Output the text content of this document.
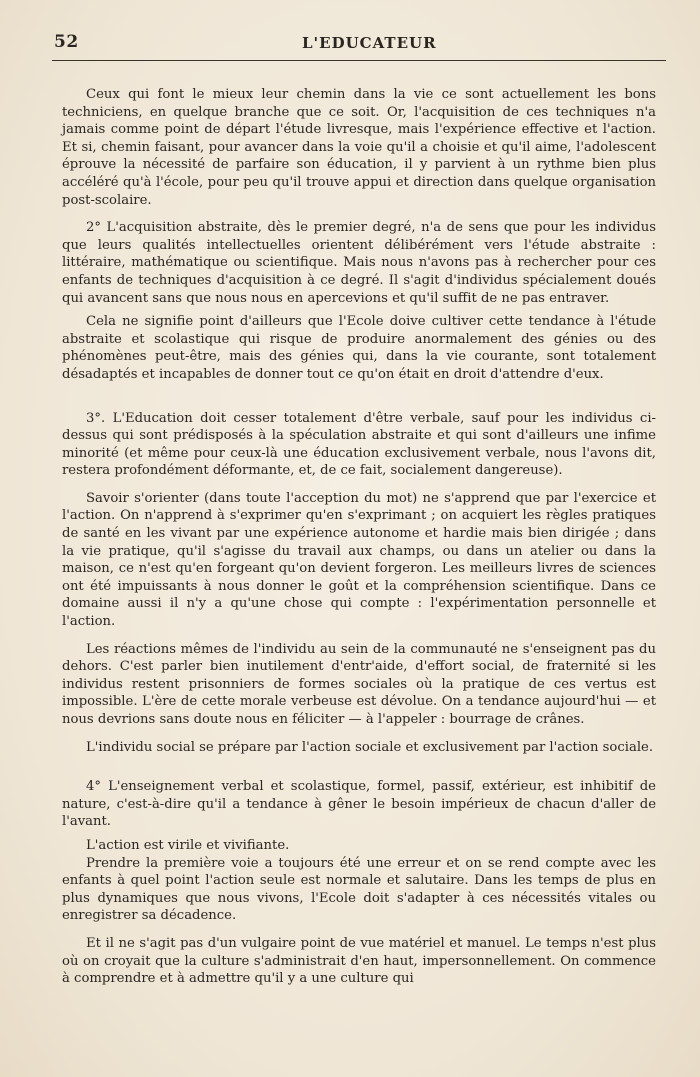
52	L'EDUCATEUR

Ceux qui font le mieux leur chemin dans la vie ce sont actuellement les bons techniciens, en quelque branche que ce soit. Or, l'acquisition de ces techniques n'a jamais comme point de départ l'étude livresque, mais l'expérience effective et l'action. Et si, chemin faisant, pour avancer dans la voie qu'il a choisie et qu'il aime, l'adolescent éprouve la nécessité de parfaire son éducation, il y parvient à un rythme bien plus accéléré qu'à l'école, pour peu qu'il trouve appui et direction dans quelque organisation post-scolaire.

2° L'acquisition abstraite, dès le premier degré, n'a de sens que pour les individus que leurs qualités intellectuelles orientent délibérément vers l'étude abstraite : littéraire, mathématique ou scientifique. Mais nous n'avons pas à rechercher pour ces enfants de techniques d'acquisition à ce degré. Il s'agit d'individus spécialement doués qui avancent sans que nous nous en apercevions et qu'il suffit de ne pas entraver.

Cela ne signifie point d'ailleurs que l'Ecole doive cultiver cette tendance à l'étude abstraite et scolastique qui risque de produire anormalement des génies ou des phénomènes peut-être, mais des génies qui, dans la vie courante, sont totalement désadaptés et incapables de donner tout ce qu'on était en droit d'attendre d'eux.

3°. L'Education doit cesser totalement d'être verbale, sauf pour les individus ci-dessus qui sont prédisposés à la spéculation abstraite et qui sont d'ailleurs une infime minorité (et même pour ceux-là une éducation exclusivement verbale, nous l'avons dit, restera profondément déformante, et, de ce fait, socialement dangereuse).

Savoir s'orienter (dans toute l'acception du mot) ne s'apprend que par l'exercice et l'action. On n'apprend à s'exprimer qu'en s'exprimant ; on acquiert les règles pratiques de santé en les vivant par une expérience autonome et hardie mais bien dirigée ; dans la vie pratique, qu'il s'agisse du travail aux champs, ou dans un atelier ou dans la maison, ce n'est qu'en forgeant qu'on devient forgeron. Les meilleurs livres de sciences ont été impuissants à nous donner le goût et la compréhension scientifique. Dans ce domaine aussi il n'y a qu'une chose qui compte : l'expérimentation personnelle et l'action.

Les réactions mêmes de l'individu au sein de la communauté ne s'enseignent pas du dehors. C'est parler bien inutilement d'entr'aide, d'effort social, de fraternité si les individus restent prisonniers de formes sociales où la pratique de ces vertus est impossible. L'ère de cette morale verbeuse est dévolue. On a tendance aujourd'hui — et nous devrions sans doute nous en féliciter — à l'appeler : bourrage de crânes.

L'individu social se prépare par l'action sociale et exclusivement par l'action sociale.

4° L'enseignement verbal et scolastique, formel, passif, extérieur, est inhibitif de nature, c'est-à-dire qu'il a tendance à gêner le besoin impérieux de chacun d'aller de l'avant.

L'action est virile et vivifiante.

Prendre la première voie a toujours été une erreur et on se rend compte avec les enfants à quel point l'action seule est normale et salutaire. Dans les temps de plus en plus dynamiques que nous vivons, l'Ecole doit s'adapter à ces nécessités vitales ou enregistrer sa décadence.

Et il ne s'agit pas d'un vulgaire point de vue matériel et manuel. Le temps n'est plus où on croyait que la culture s'administrait d'en haut, impersonnellement. On commence à comprendre et à admettre qu'il y a une culture qui
